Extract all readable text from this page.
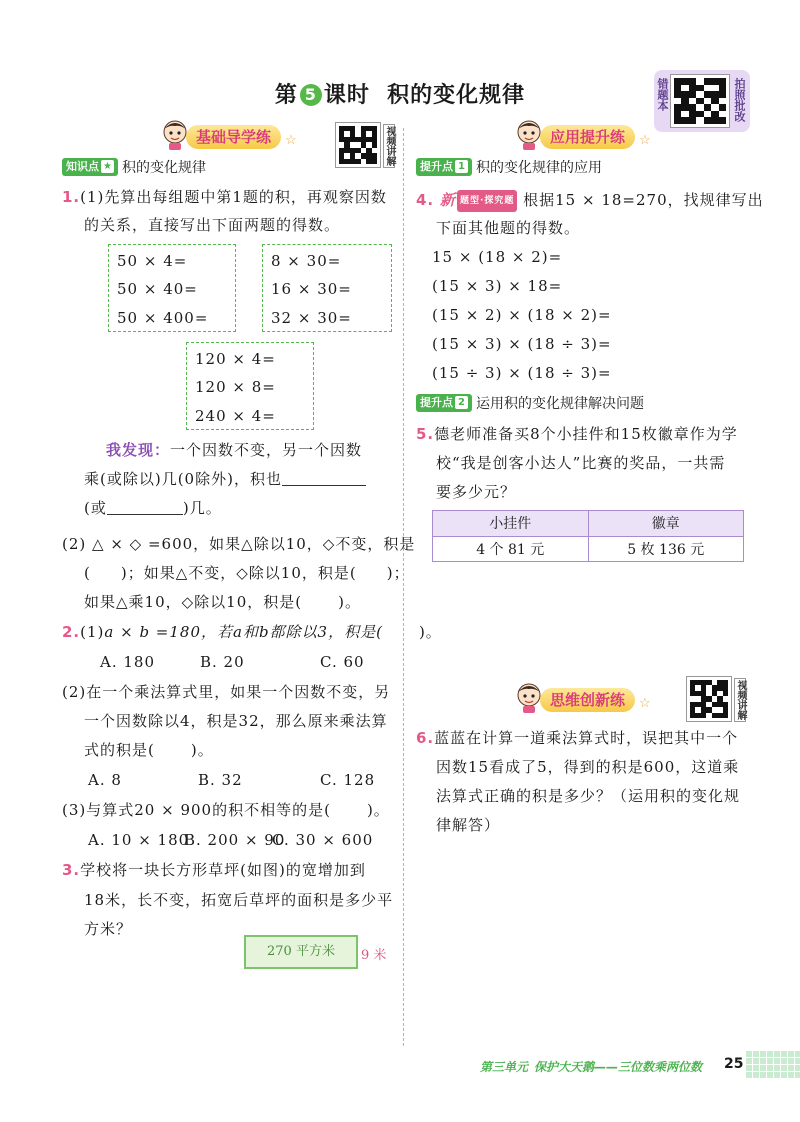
第 5 课时 积的变化规律	错题本	拍照批改
基础导学练	☆	视频讲解
知识点 ★ 积的变化规律
1.(1)先算出每组题中第1题的积，再观察因数
的关系，直接写出下面两题的得数。
50 × 4=
50 × 40=
50 × 400=
8 × 30=
16 × 30=
32 × 30=
120 × 4=
120 × 8=
240 × 4=
我发现：一个因数不变，另一个因数
乘(或除以)几(0除外)，积也
(或	)几。
(2) △ × ◇ =600，如果△除以10，◇不变，积是
( )；如果△不变，◇除以10，积是( )；
如果△乘10，◇除以10，积是( )。
2.(1)a × b =180，若a和b都除以3，积是( )。
A. 180	B. 20	C. 60
(2)在一个乘法算式里，如果一个因数不变，另
一个因数除以4，积是32，那么原来乘法算
式的积是( )。
A. 8	B. 32	C. 128
(3)与算式20 × 900的积不相等的是( )。
A. 10 × 180
B. 200 × 90
C. 30 × 600
3.学校将一块长方形草坪(如图)的宽增加到
18米，长不变，拓宽后草坪的面积是多少平
方米？
270 平方米	9 米
应用提升练	☆
提升点 1 积的变化规律的应用
4. 新 题型·探究题 根据15 × 18=270，找规律写出
下面其他题的得数。
15 × (18 × 2)=
(15 × 3) × 18=
(15 × 2) × (18 × 2)=
(15 × 3) × (18 ÷ 3)=
(15 ÷ 3) × (18 ÷ 3)=
提升点 2 运用积的变化规律解决问题
5.德老师准备买8个小挂件和15枚徽章作为学
校“我是创客小达人”比赛的奖品，一共需
要多少元？
小挂件	徽章
4 个 81 元	5 枚 136 元
思维创新练	☆	视频讲解
6.蓝蓝在计算一道乘法算式时，误把其中一个
因数15看成了5，得到的积是600，这道乘
法算式正确的积是多少？（运用积的变化规
律解答）
第三单元 保护大天鹅——三位数乘两位数 25
